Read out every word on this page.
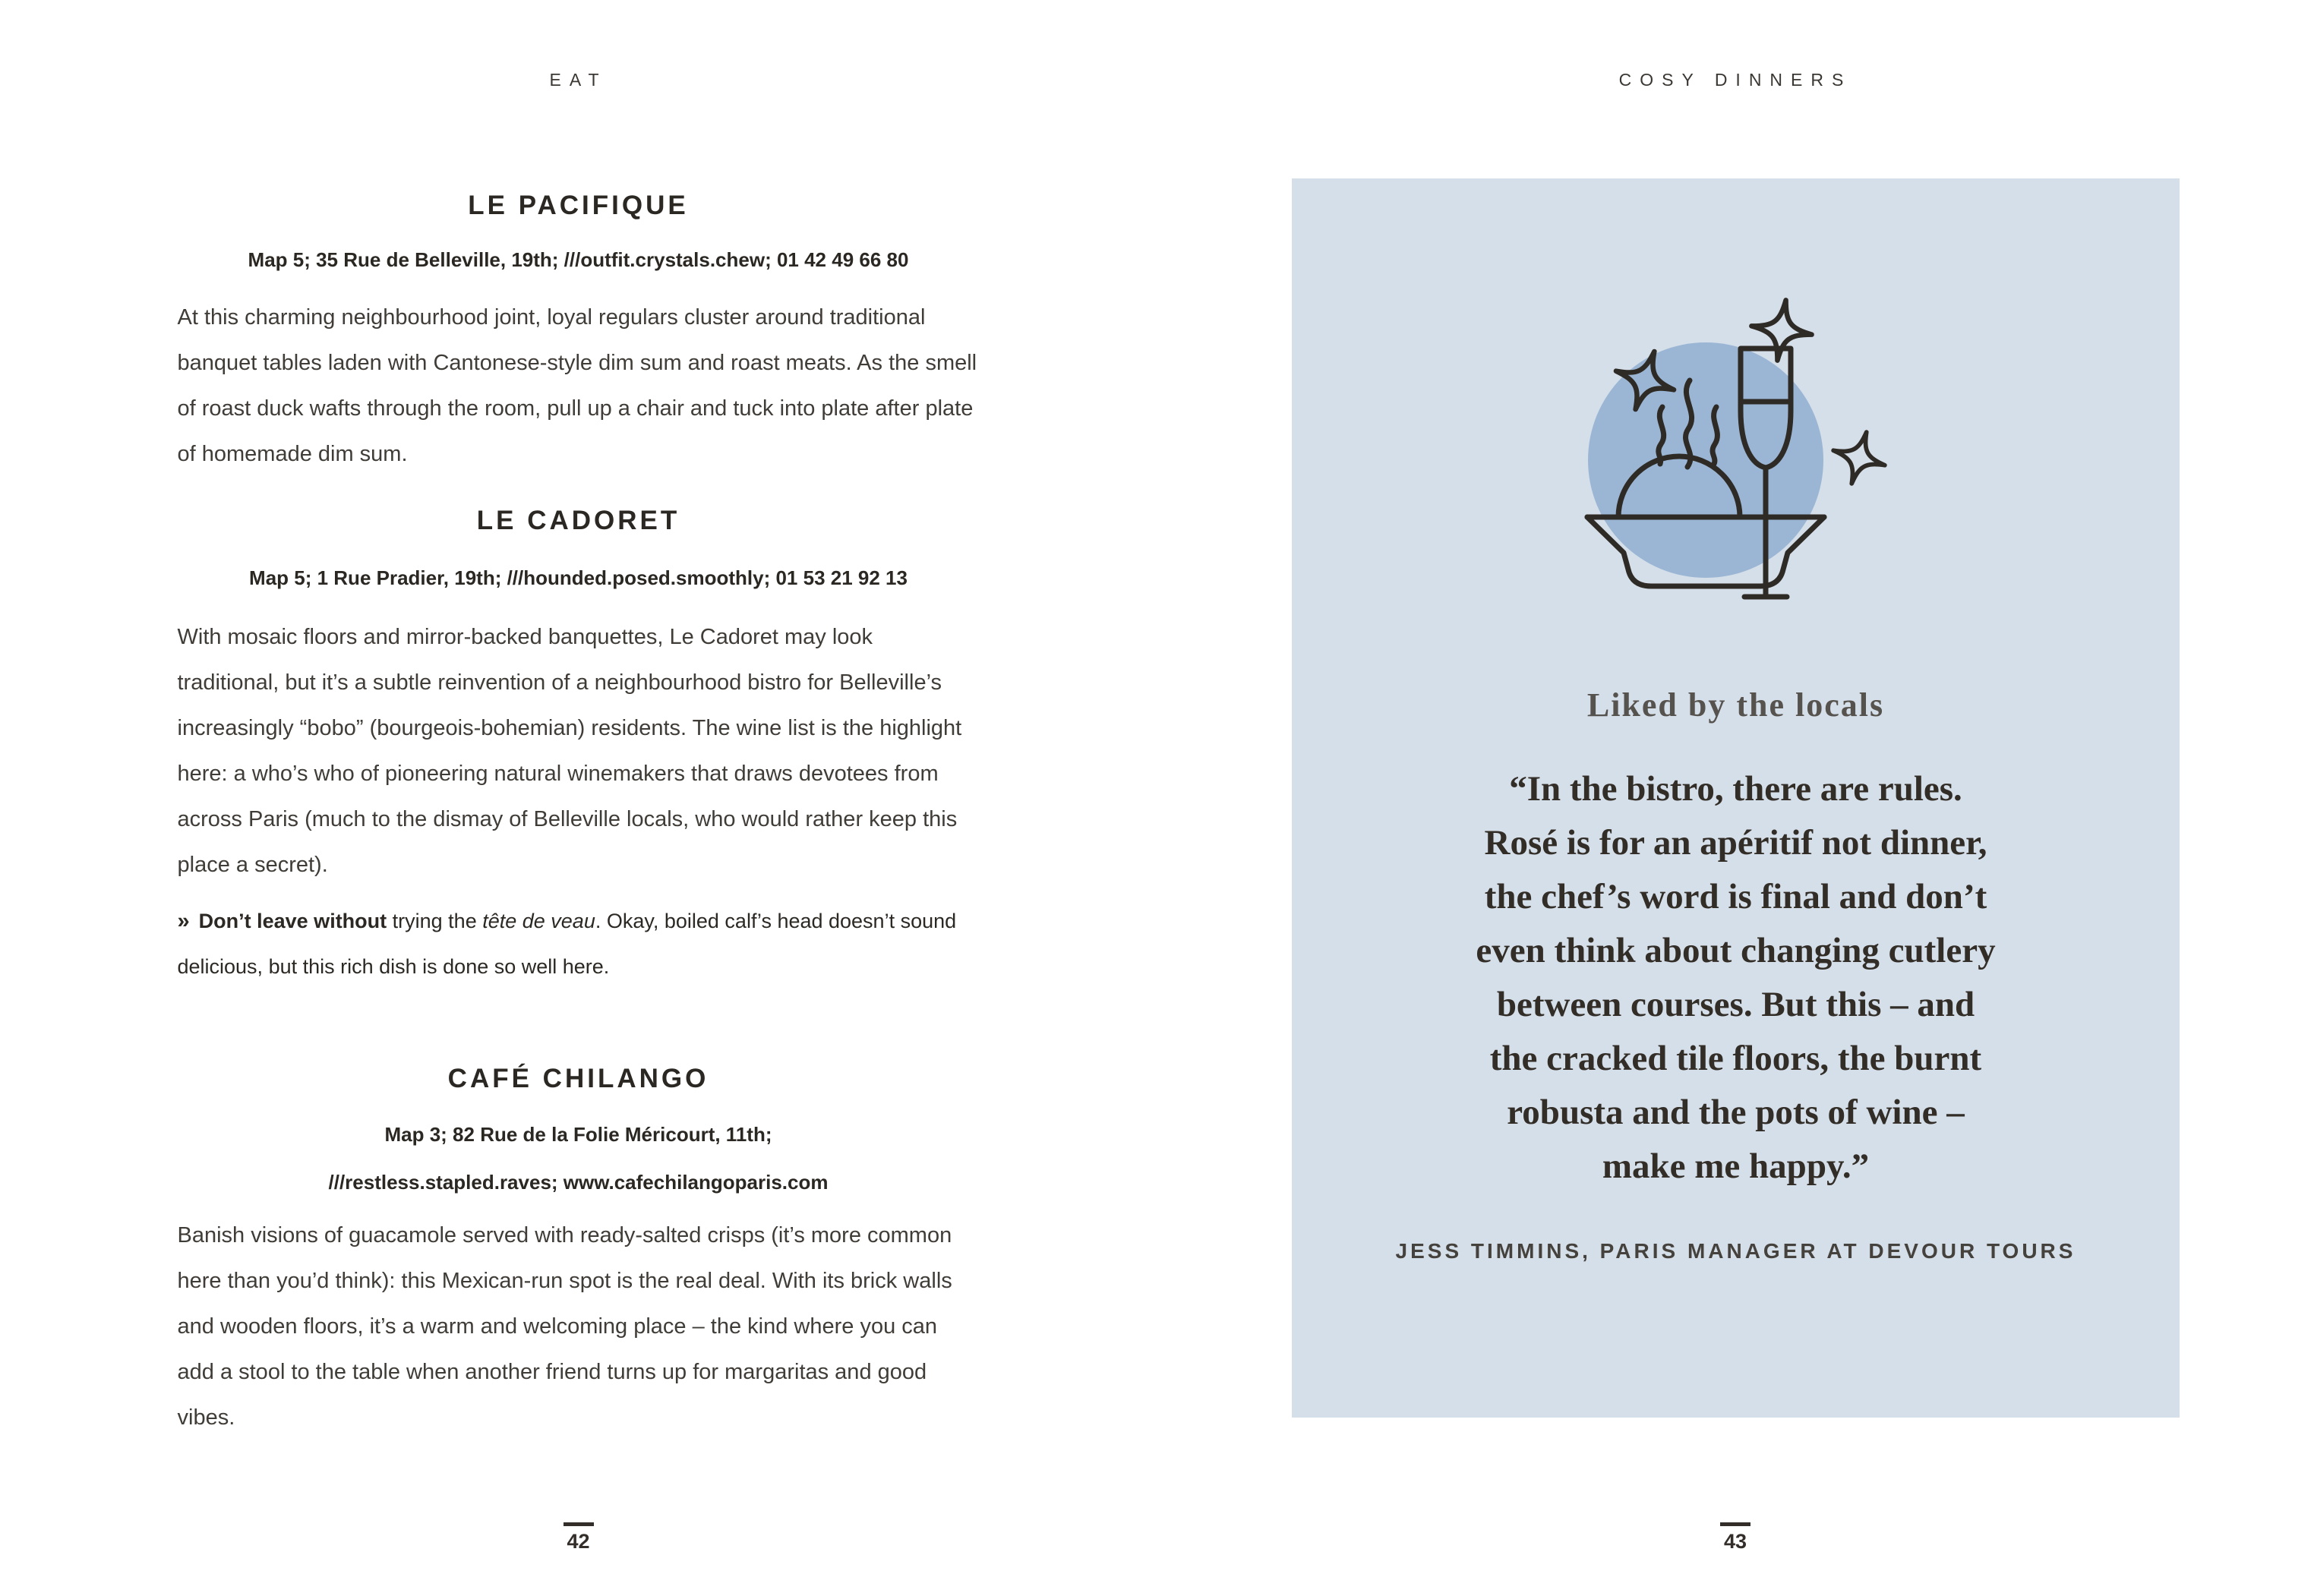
EAT
LE PACIFIQUE
Map 5; 35 Rue de Belleville, 19th; ///outfit.crystals.chew; 01 42 49 66 80

At this charming neighbourhood joint, loyal regulars cluster around traditional banquet tables laden with Cantonese-style dim sum and roast meats. As the smell of roast duck wafts through the room, pull up a chair and tuck into plate after plate of homemade dim sum.

LE CADORET
Map 5; 1 Rue Pradier, 19th; ///hounded.posed.smoothly; 01 53 21 92 13

With mosaic floors and mirror-backed banquettes, Le Cadoret may look traditional, but it’s a subtle reinvention of a neighbourhood bistro for Belleville’s increasingly “bobo” (bourgeois-bohemian) residents. The wine list is the highlight here: a who’s who of pioneering natural winemakers that draws devotees from across Paris (much to the dismay of Belleville locals, who would rather keep this place a secret).

» Don’t leave without trying the tête de veau. Okay, boiled calf’s head doesn’t sound delicious, but this rich dish is done so well here.

CAFÉ CHILANGO
Map 3; 82 Rue de la Folie Méricourt, 11th;
///restless.stapled.raves; www.cafechilangoparis.com

Banish visions of guacamole served with ready-salted crisps (it’s more common here than you’d think): this Mexican-run spot is the real deal. With its brick walls and wooden floors, it’s a warm and welcoming place – the kind where you can add a stool to the table when another friend turns up for margaritas and good vibes.

42
COSY DINNERS
Liked by the locals
“In the bistro, there are rules.
Rosé is for an apéritif not dinner,
the chef’s word is final and don’t
even think about changing cutlery
between courses. But this – and
the cracked tile floors, the burnt
robusta and the pots of wine –
make me happy.”
JESS TIMMINS, PARIS MANAGER AT DEVOUR TOURS
43
